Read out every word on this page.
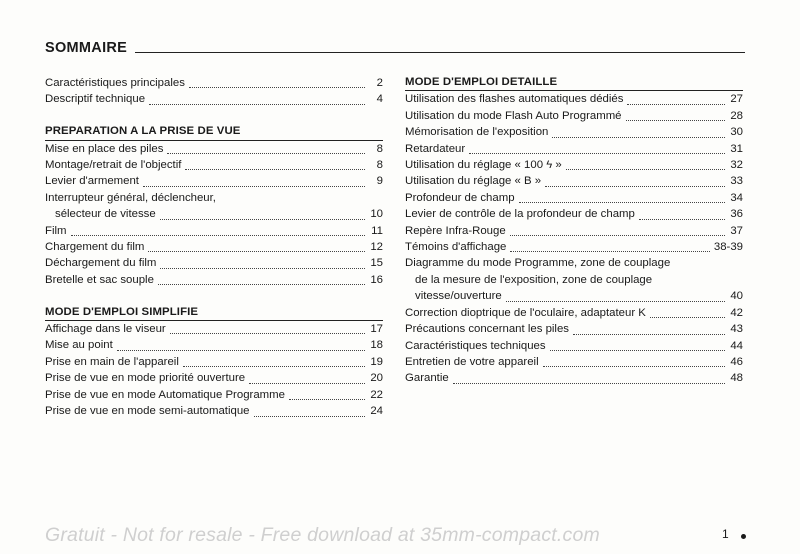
SOMMAIRE
Caractéristiques principales	2
Descriptif technique	4
PREPARATION A LA PRISE DE VUE
Mise en place des piles	8
Montage/retrait de l'objectif	8
Levier d'armement	9
Interrupteur général, déclencheur,
sélecteur de vitesse	10
Film	11
Chargement du film	12
Déchargement du film	15
Bretelle et sac souple	16
MODE D'EMPLOI SIMPLIFIE
Affichage dans le viseur	17
Mise au point	18
Prise en main de l'appareil	19
Prise de vue en mode priorité ouverture	20
Prise de vue en mode Automatique Programme	22
Prise de vue en mode semi-automatique	24
MODE D'EMPLOI DETAILLE
Utilisation des flashes automatiques dédiés	27
Utilisation du mode Flash Auto Programmé	28
Mémorisation de l'exposition	30
Retardateur	31
Utilisation du réglage « 100 ϟ »	32
Utilisation du réglage « B »	33
Profondeur de champ	34
Levier de contrôle de la profondeur de champ	36
Repère Infra-Rouge	37
Témoins d'affichage	38-39
Diagramme du mode Programme, zone de couplage
de la mesure de l'exposition, zone de couplage
vitesse/ouverture	40
Correction dioptrique de l'oculaire, adaptateur K	42
Précautions concernant les piles	43
Caractéristiques techniques	44
Entretien de votre appareil	46
Garantie	48
Gratuit - Not for resale - Free download at 35mm-compact.com	1
